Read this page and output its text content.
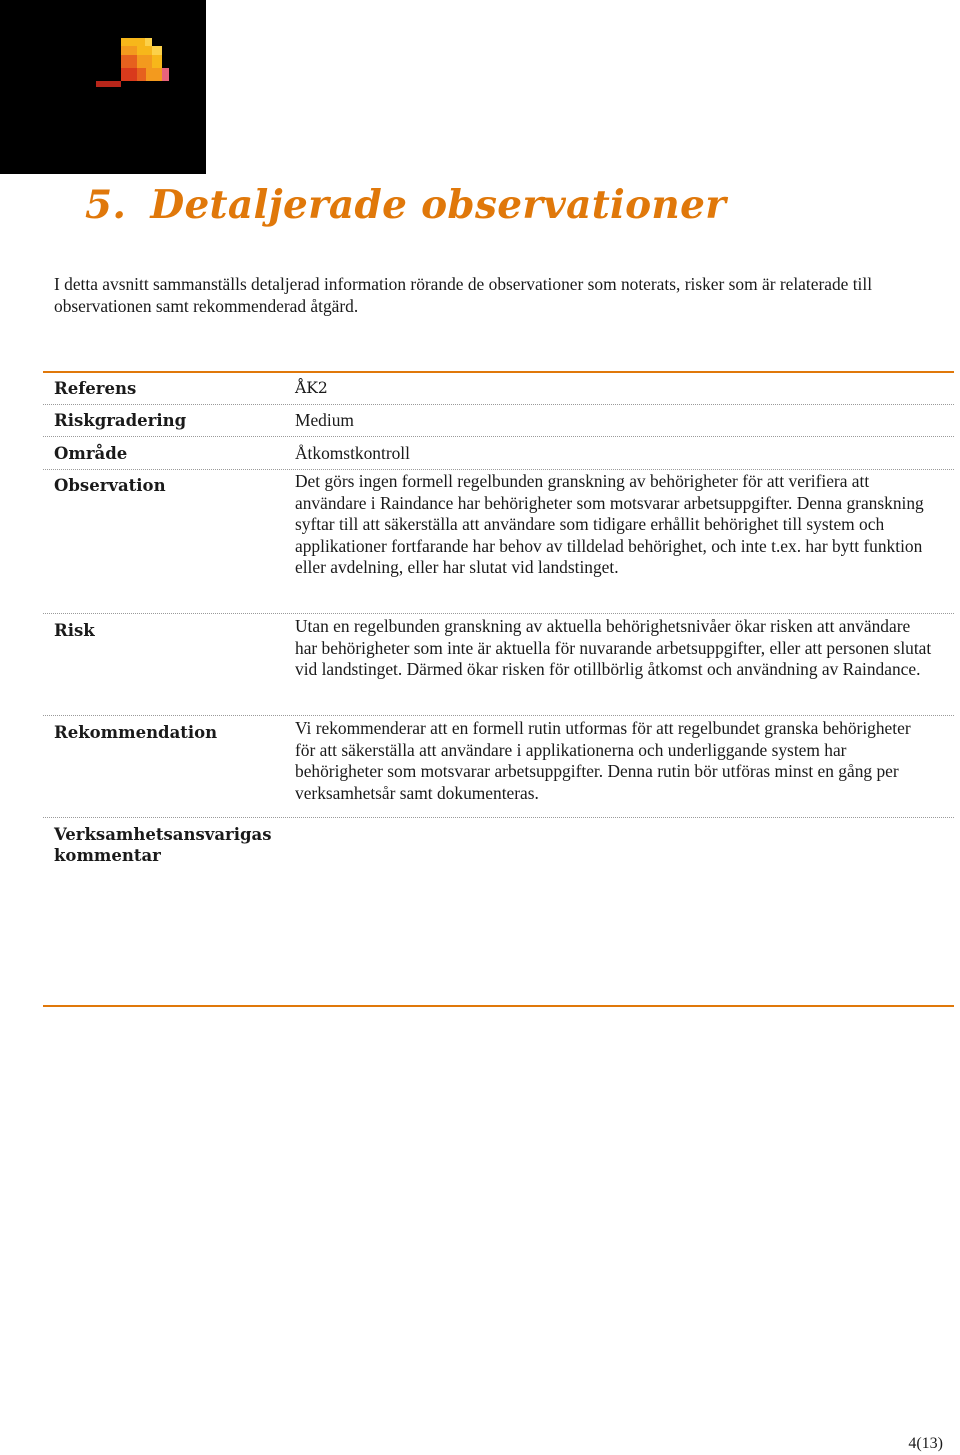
5. Detaljerade observationer

I detta avsnitt sammanställs detaljerad information rörande de observationer som noterats, risker som är relaterade till observationen samt rekommenderad åtgärd.

Referens	ÅK2
Riskgradering	Medium
Område	Åtkomstkontroll
Observation	Det görs ingen formell regelbunden granskning av behörigheter för att verifiera att användare i Raindance har behörigheter som motsvarar arbetsuppgifter. Denna granskning syftar till att säkerställa att användare som tidigare erhållit behörighet till system och applikationer fortfarande har behov av tilldelad behörighet, och inte t.ex. har bytt funktion eller avdelning, eller har slutat vid landstinget.
Risk	Utan en regelbunden granskning av aktuella behörighetsnivåer ökar risken att användare har behörigheter som inte är aktuella för nuvarande arbetsuppgifter, eller att personen slutat vid landstinget. Därmed ökar risken för otillbörlig åtkomst och användning av Raindance.
Rekommendation	Vi rekommenderar att en formell rutin utformas för att regelbundet granska behörigheter för att säkerställa att användare i applikationerna och underliggande system har behörigheter som motsvarar arbetsuppgifter. Denna rutin bör utföras minst en gång per verksamhetsår samt dokumenteras.
Verksamhetsansvarigas kommentar
4(13)
